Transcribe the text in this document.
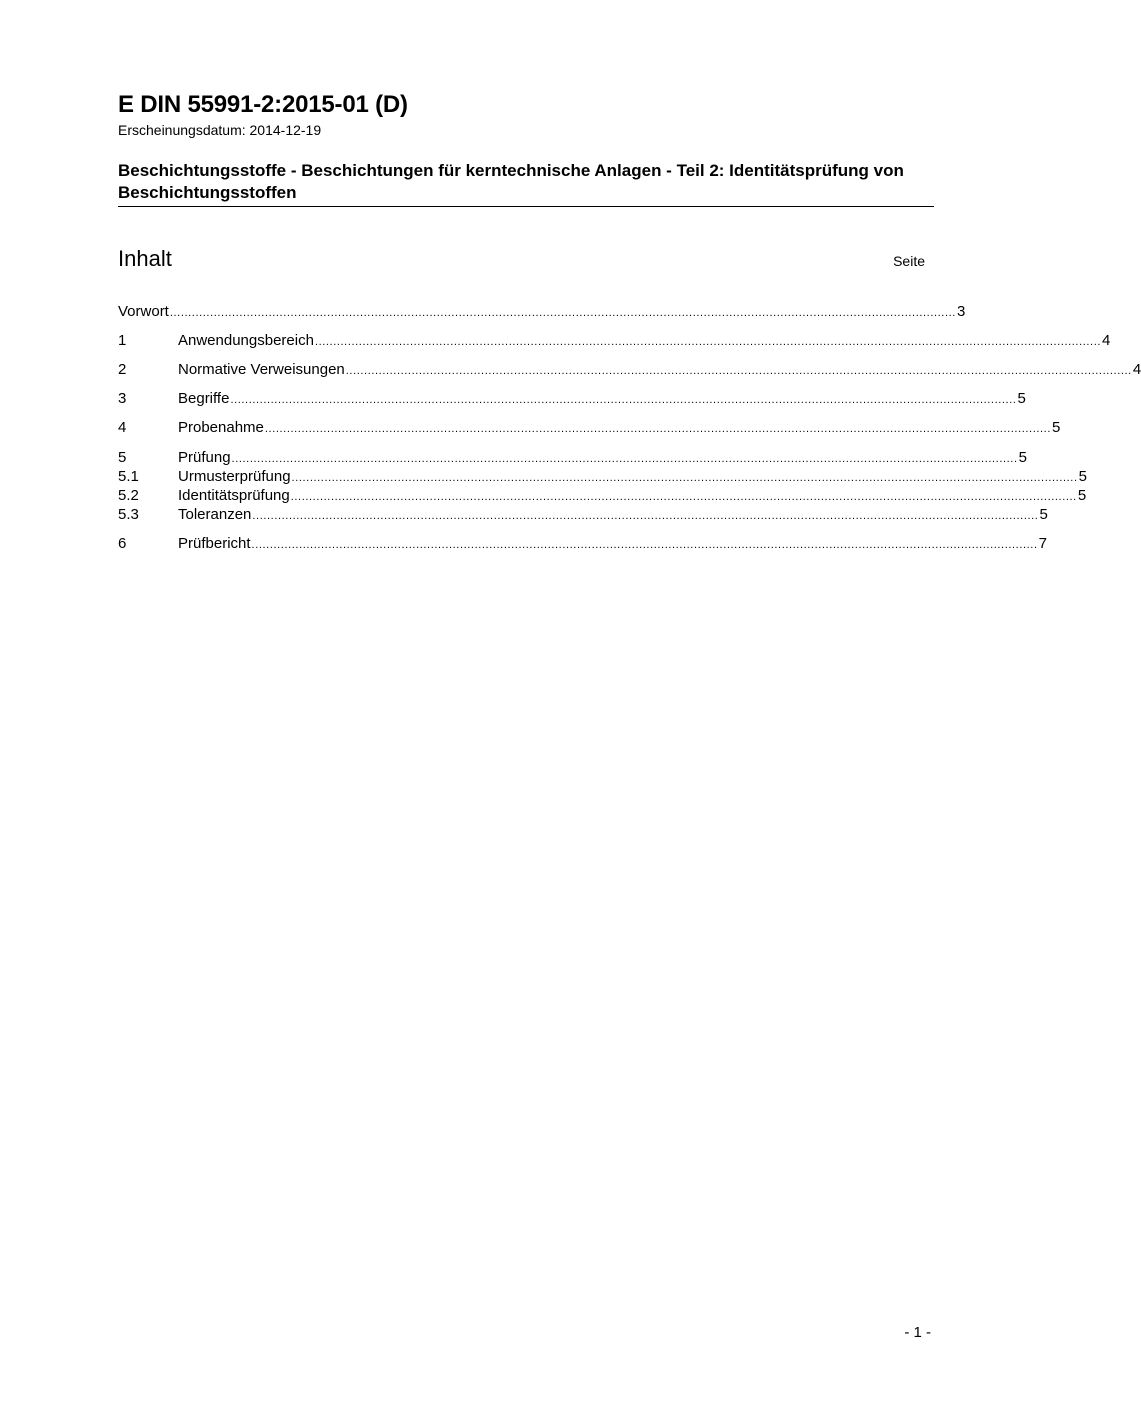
E DIN 55991-2:2015-01 (D)
Erscheinungsdatum: 2014-12-19
Beschichtungsstoffe - Beschichtungen für kerntechnische Anlagen - Teil 2: Identitätsprüfung von Beschichtungsstoffen
Inhalt	Seite
Vorwort ....................................................................................................................................................................................................................... 3
1	Anwendungsbereich ....................................................................................................................................................................................................................... 4
2	Normative Verweisungen ....................................................................................................................................................................................................................... 4
3	Begriffe ....................................................................................................................................................................................................................... 5
4	Probenahme ....................................................................................................................................................................................................................... 5
5	Prüfung ....................................................................................................................................................................................................................... 5
5.1	Urmusterprüfung ....................................................................................................................................................................................................................... 5
5.2	Identitätsprüfung ....................................................................................................................................................................................................................... 5
5.3	Toleranzen ....................................................................................................................................................................................................................... 5
6	Prüfbericht ....................................................................................................................................................................................................................... 7
- 1 -
